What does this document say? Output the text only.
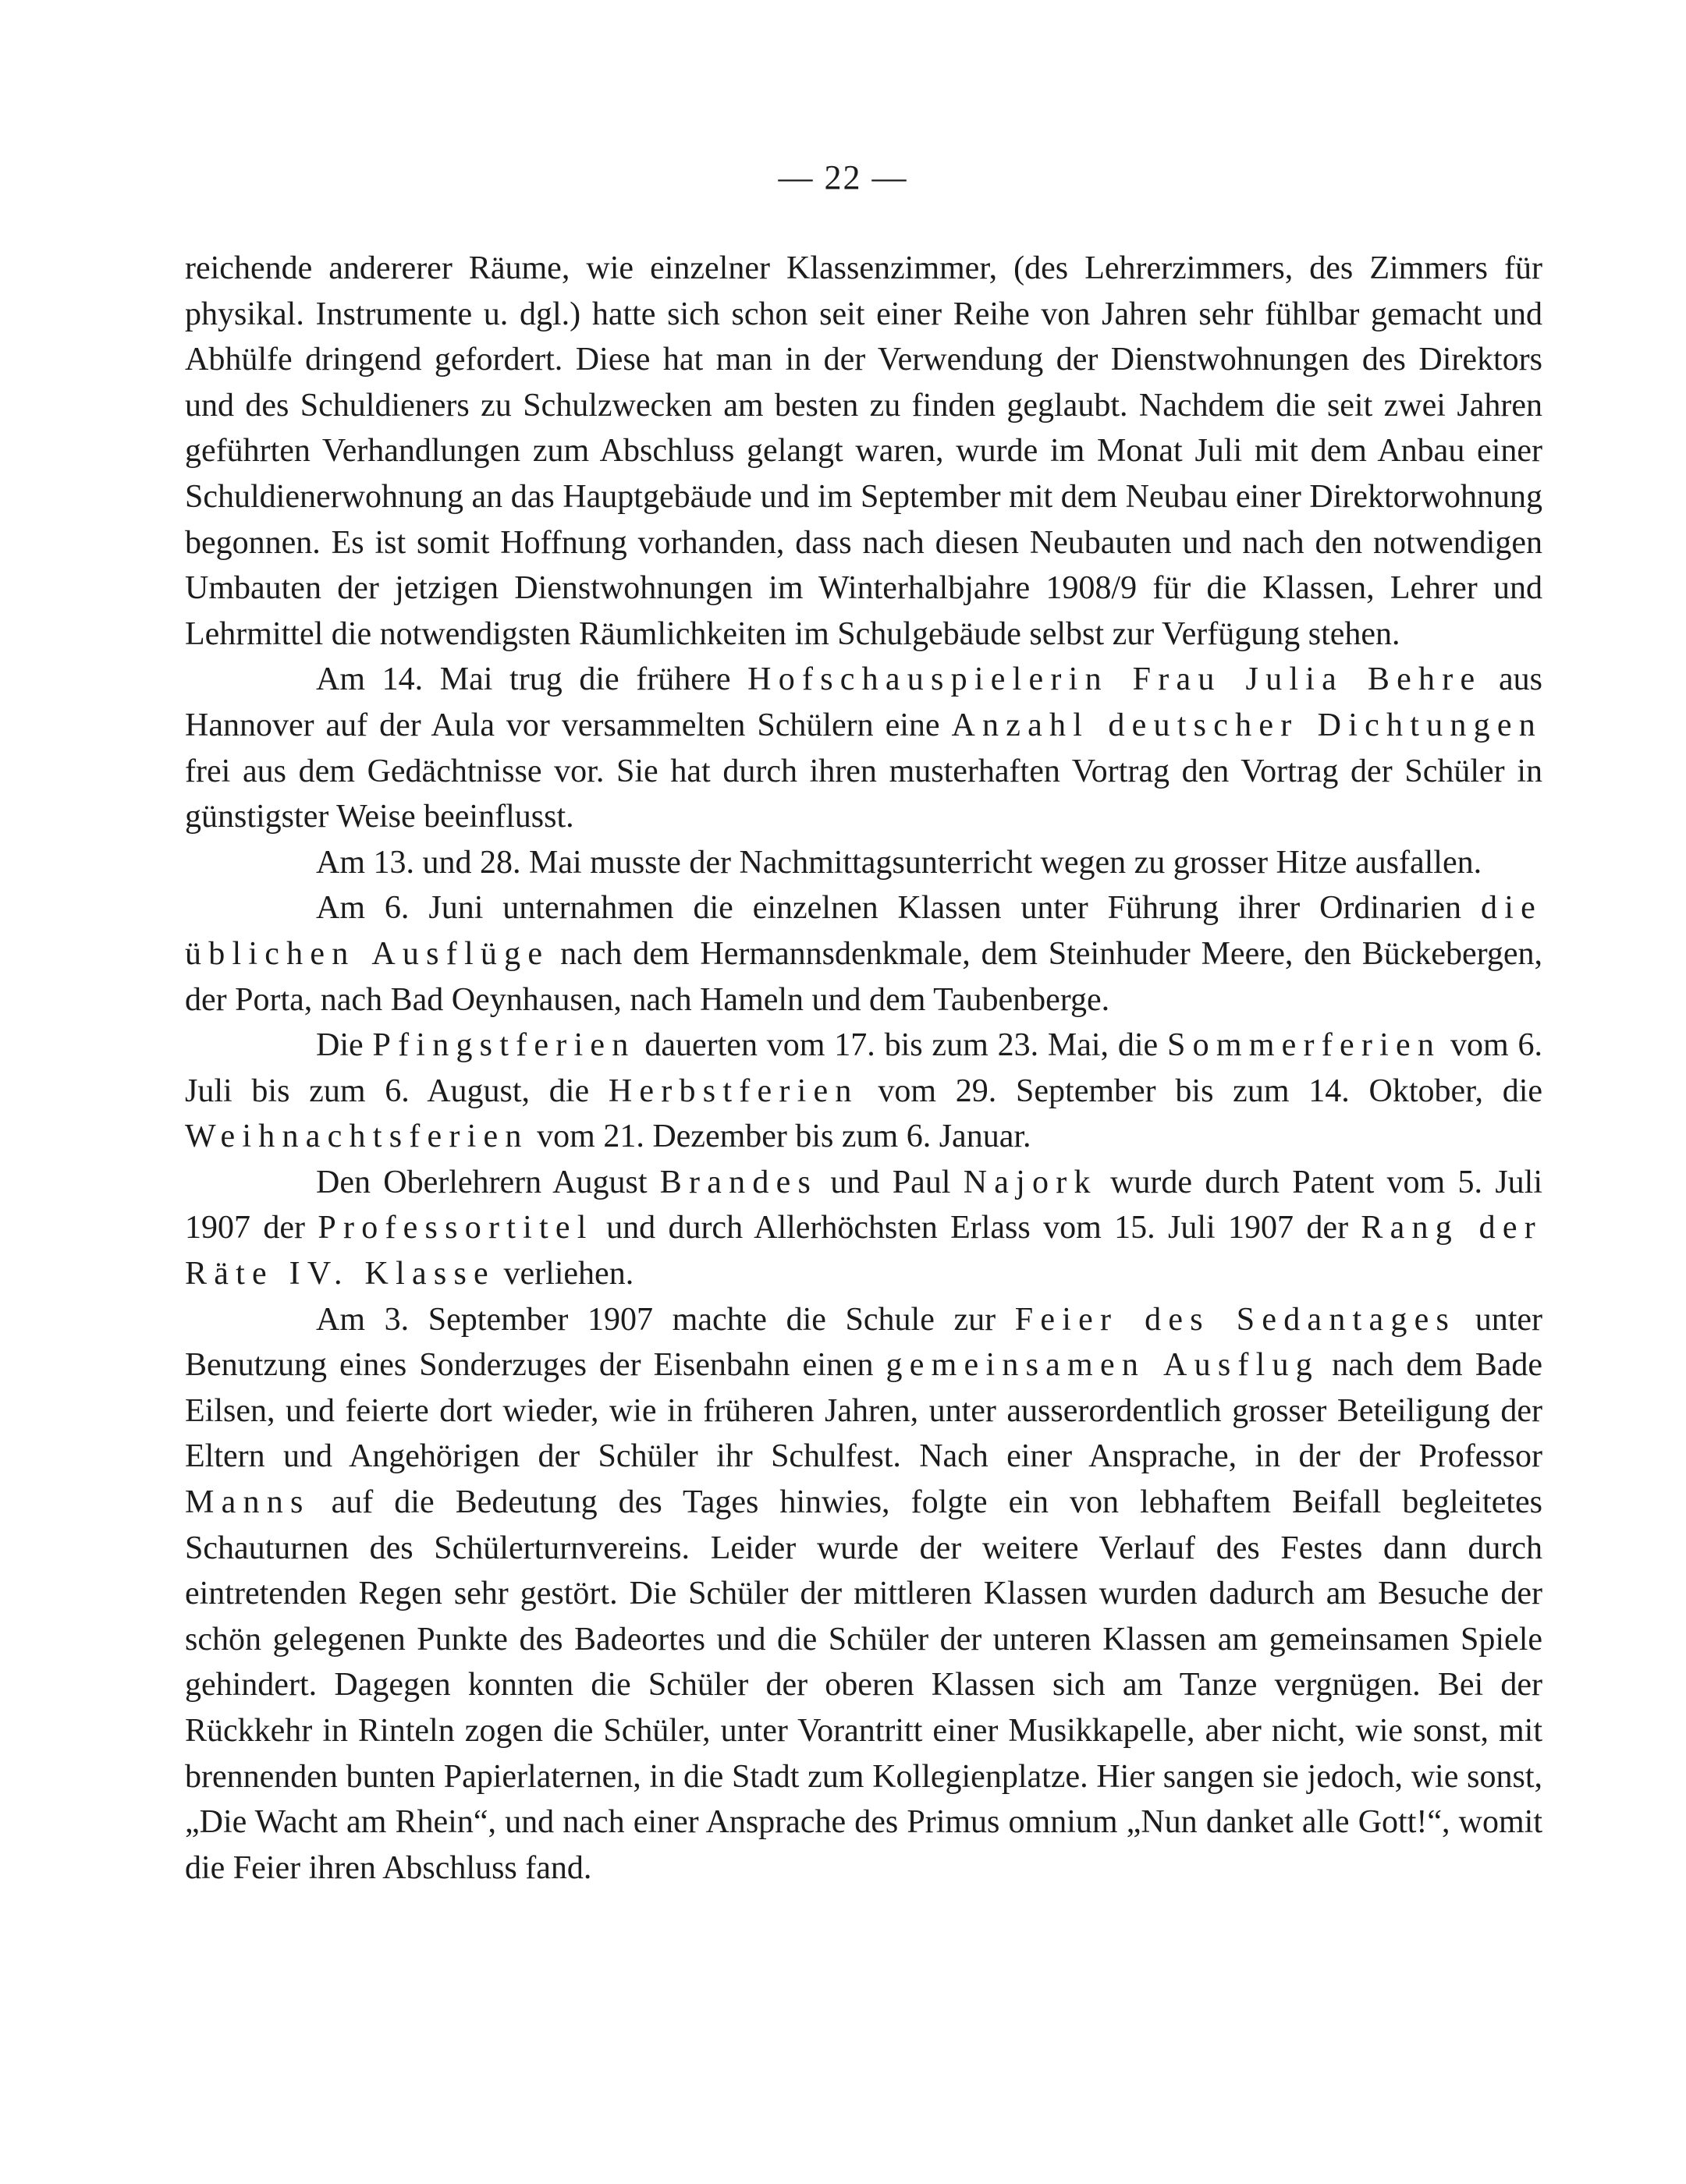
— 22 —

reichende andererer Räume, wie einzelner Klassenzimmer, (des Lehrerzimmers, des Zimmers für physikal. Instrumente u. dgl.) hatte sich schon seit einer Reihe von Jahren sehr fühlbar gemacht und Abhülfe dringend gefordert. Diese hat man in der Verwendung der Dienstwohnungen des Direktors und des Schuldieners zu Schulzwecken am besten zu finden geglaubt. Nachdem die seit zwei Jahren geführten Verhandlungen zum Abschluss gelangt waren, wurde im Monat Juli mit dem Anbau einer Schuldienerwohnung an das Hauptgebäude und im September mit dem Neubau einer Direktorwohnung begonnen. Es ist somit Hoffnung vorhanden, dass nach diesen Neubauten und nach den notwendigen Umbauten der jetzigen Dienstwohnungen im Winterhalbjahre 1908/9 für die Klassen, Lehrer und Lehrmittel die notwendigsten Räumlichkeiten im Schulgebäude selbst zur Verfügung stehen.

Am 14. Mai trug die frühere Hofschauspielerin Frau Julia Behre aus Hannover auf der Aula vor versammelten Schülern eine Anzahl deutscher Dichtungen frei aus dem Gedächtnisse vor. Sie hat durch ihren musterhaften Vortrag den Vortrag der Schüler in günstigster Weise beeinflusst.

Am 13. und 28. Mai musste der Nachmittagsunterricht wegen zu grosser Hitze ausfallen.

Am 6. Juni unternahmen die einzelnen Klassen unter Führung ihrer Ordinarien die üblichen Ausflüge nach dem Hermannsdenkmale, dem Steinhuder Meere, den Bückebergen, der Porta, nach Bad Oeynhausen, nach Hameln und dem Taubenberge.

Die Pfingstferien dauerten vom 17. bis zum 23. Mai, die Sommerferien vom 6. Juli bis zum 6. August, die Herbstferien vom 29. September bis zum 14. Oktober, die Weihnachtsferien vom 21. Dezember bis zum 6. Januar.

Den Oberlehrern August Brandes und Paul Najork wurde durch Patent vom 5. Juli 1907 der Professortitel und durch Allerhöchsten Erlass vom 15. Juli 1907 der Rang der Räte IV. Klasse verliehen.

Am 3. September 1907 machte die Schule zur Feier des Sedantages unter Benutzung eines Sonderzuges der Eisenbahn einen gemeinsamen Ausflug nach dem Bade Eilsen, und feierte dort wieder, wie in früheren Jahren, unter ausserordentlich grosser Beteiligung der Eltern und Angehörigen der Schüler ihr Schulfest. Nach einer Ansprache, in der der Professor Manns auf die Bedeutung des Tages hinwies, folgte ein von lebhaftem Beifall begleitetes Schauturnen des Schülerturnvereins. Leider wurde der weitere Verlauf des Festes dann durch eintretenden Regen sehr gestört. Die Schüler der mittleren Klassen wurden dadurch am Besuche der schön gelegenen Punkte des Badeortes und die Schüler der unteren Klassen am gemeinsamen Spiele gehindert. Dagegen konnten die Schüler der oberen Klassen sich am Tanze vergnügen. Bei der Rückkehr in Rinteln zogen die Schüler, unter Vorantritt einer Musikkapelle, aber nicht, wie sonst, mit brennenden bunten Papierlaternen, in die Stadt zum Kollegienplatze. Hier sangen sie jedoch, wie sonst, „Die Wacht am Rhein“, und nach einer Ansprache des Primus omnium „Nun danket alle Gott!“, womit die Feier ihren Abschluss fand.
